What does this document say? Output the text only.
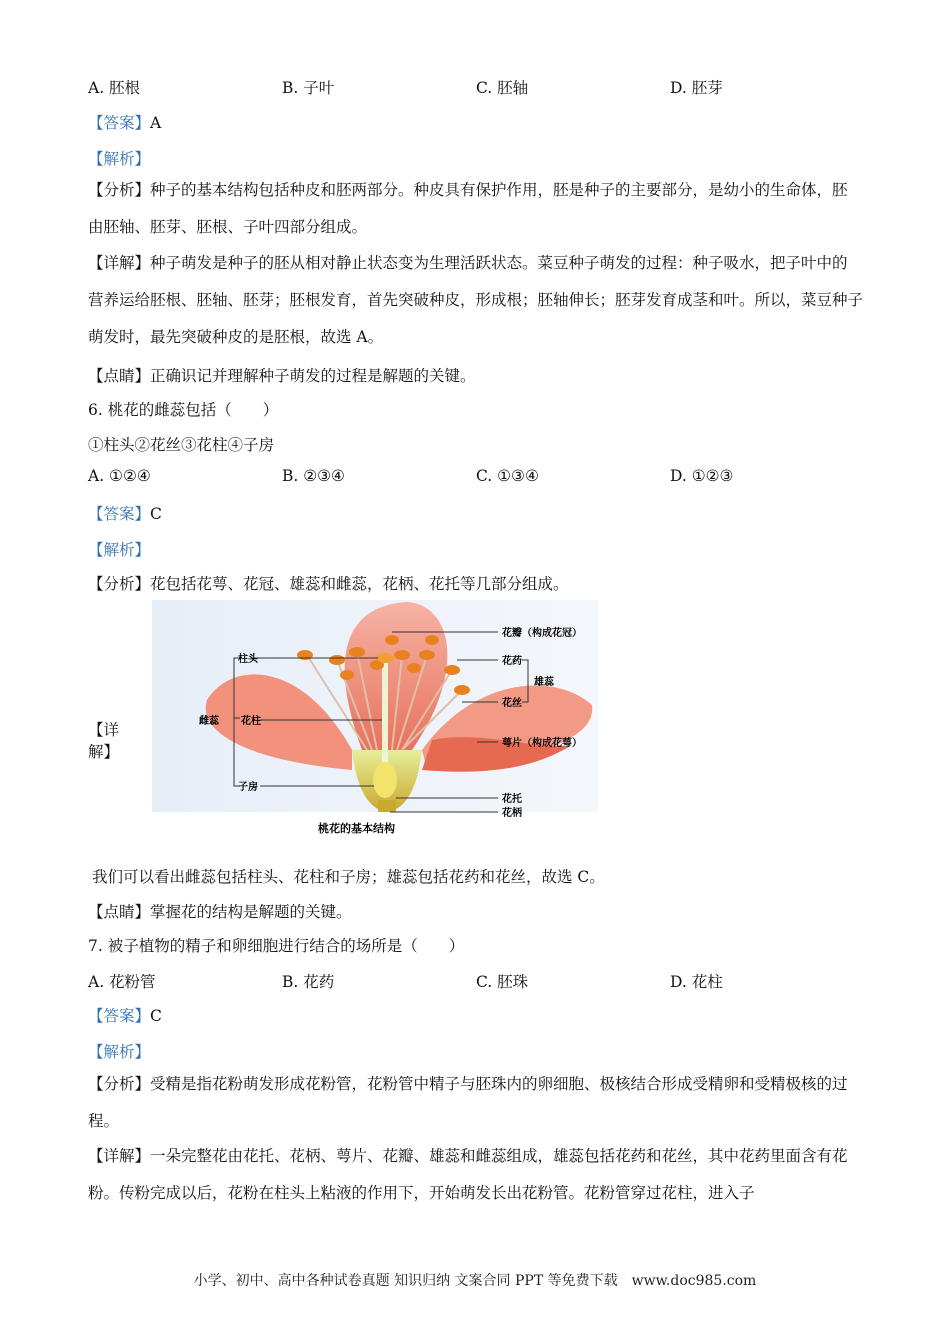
A. 胚根	B. 子叶	C. 胚轴	D. 胚芽
【答案】A
【解析】
【分析】种子的基本结构包括种皮和胚两部分。种皮具有保护作用，胚是种子的主要部分，是幼小的生命体，胚由胚轴、胚芽、胚根、子叶四部分组成。
【详解】种子萌发是种子的胚从相对静止状态变为生理活跃状态。菜豆种子萌发的过程：种子吸水，把子叶中的营养运给胚根、胚轴、胚芽；胚根发育，首先突破种皮，形成根；胚轴伸长；胚芽发育成茎和叶。所以，菜豆种子萌发时，最先突破种皮的是胚根，故选 A。
【点睛】正确识记并理解种子萌发的过程是解题的关键。
6. 桃花的雌蕊包括（　　）
①柱头②花丝③花柱④子房
A. ①②④	B. ②③④	C. ①③④	D. ①②③
【答案】C
【解析】
【分析】花包括花萼、花冠、雄蕊和雌蕊，花柄、花托等几部分组成。
【详解】
柱头
花柱
雌蕊
子房
花瓣（构成花冠）
花药
花丝
雄蕊
萼片（构成花萼）
花托
花柄
桃花的基本结构
我们可以看出雌蕊包括柱头、花柱和子房；雄蕊包括花药和花丝，故选 C。
【点睛】掌握花的结构是解题的关键。
7. 被子植物的精子和卵细胞进行结合的场所是（　　）
A. 花粉管	B. 花药	C. 胚珠	D. 花柱
【答案】C
【解析】
【分析】受精是指花粉萌发形成花粉管，花粉管中精子与胚珠内的卵细胞、极核结合形成受精卵和受精极核的过程。
【详解】一朵完整花由花托、花柄、萼片、花瓣、雄蕊和雌蕊组成，雄蕊包括花药和花丝，其中花药里面含有花粉。传粉完成以后，花粉在柱头上粘液的作用下，开始萌发长出花粉管。花粉管穿过花柱，进入子
小学、初中、高中各种试卷真题 知识归纳 文案合同 PPT 等免费下载　www.doc985.com
